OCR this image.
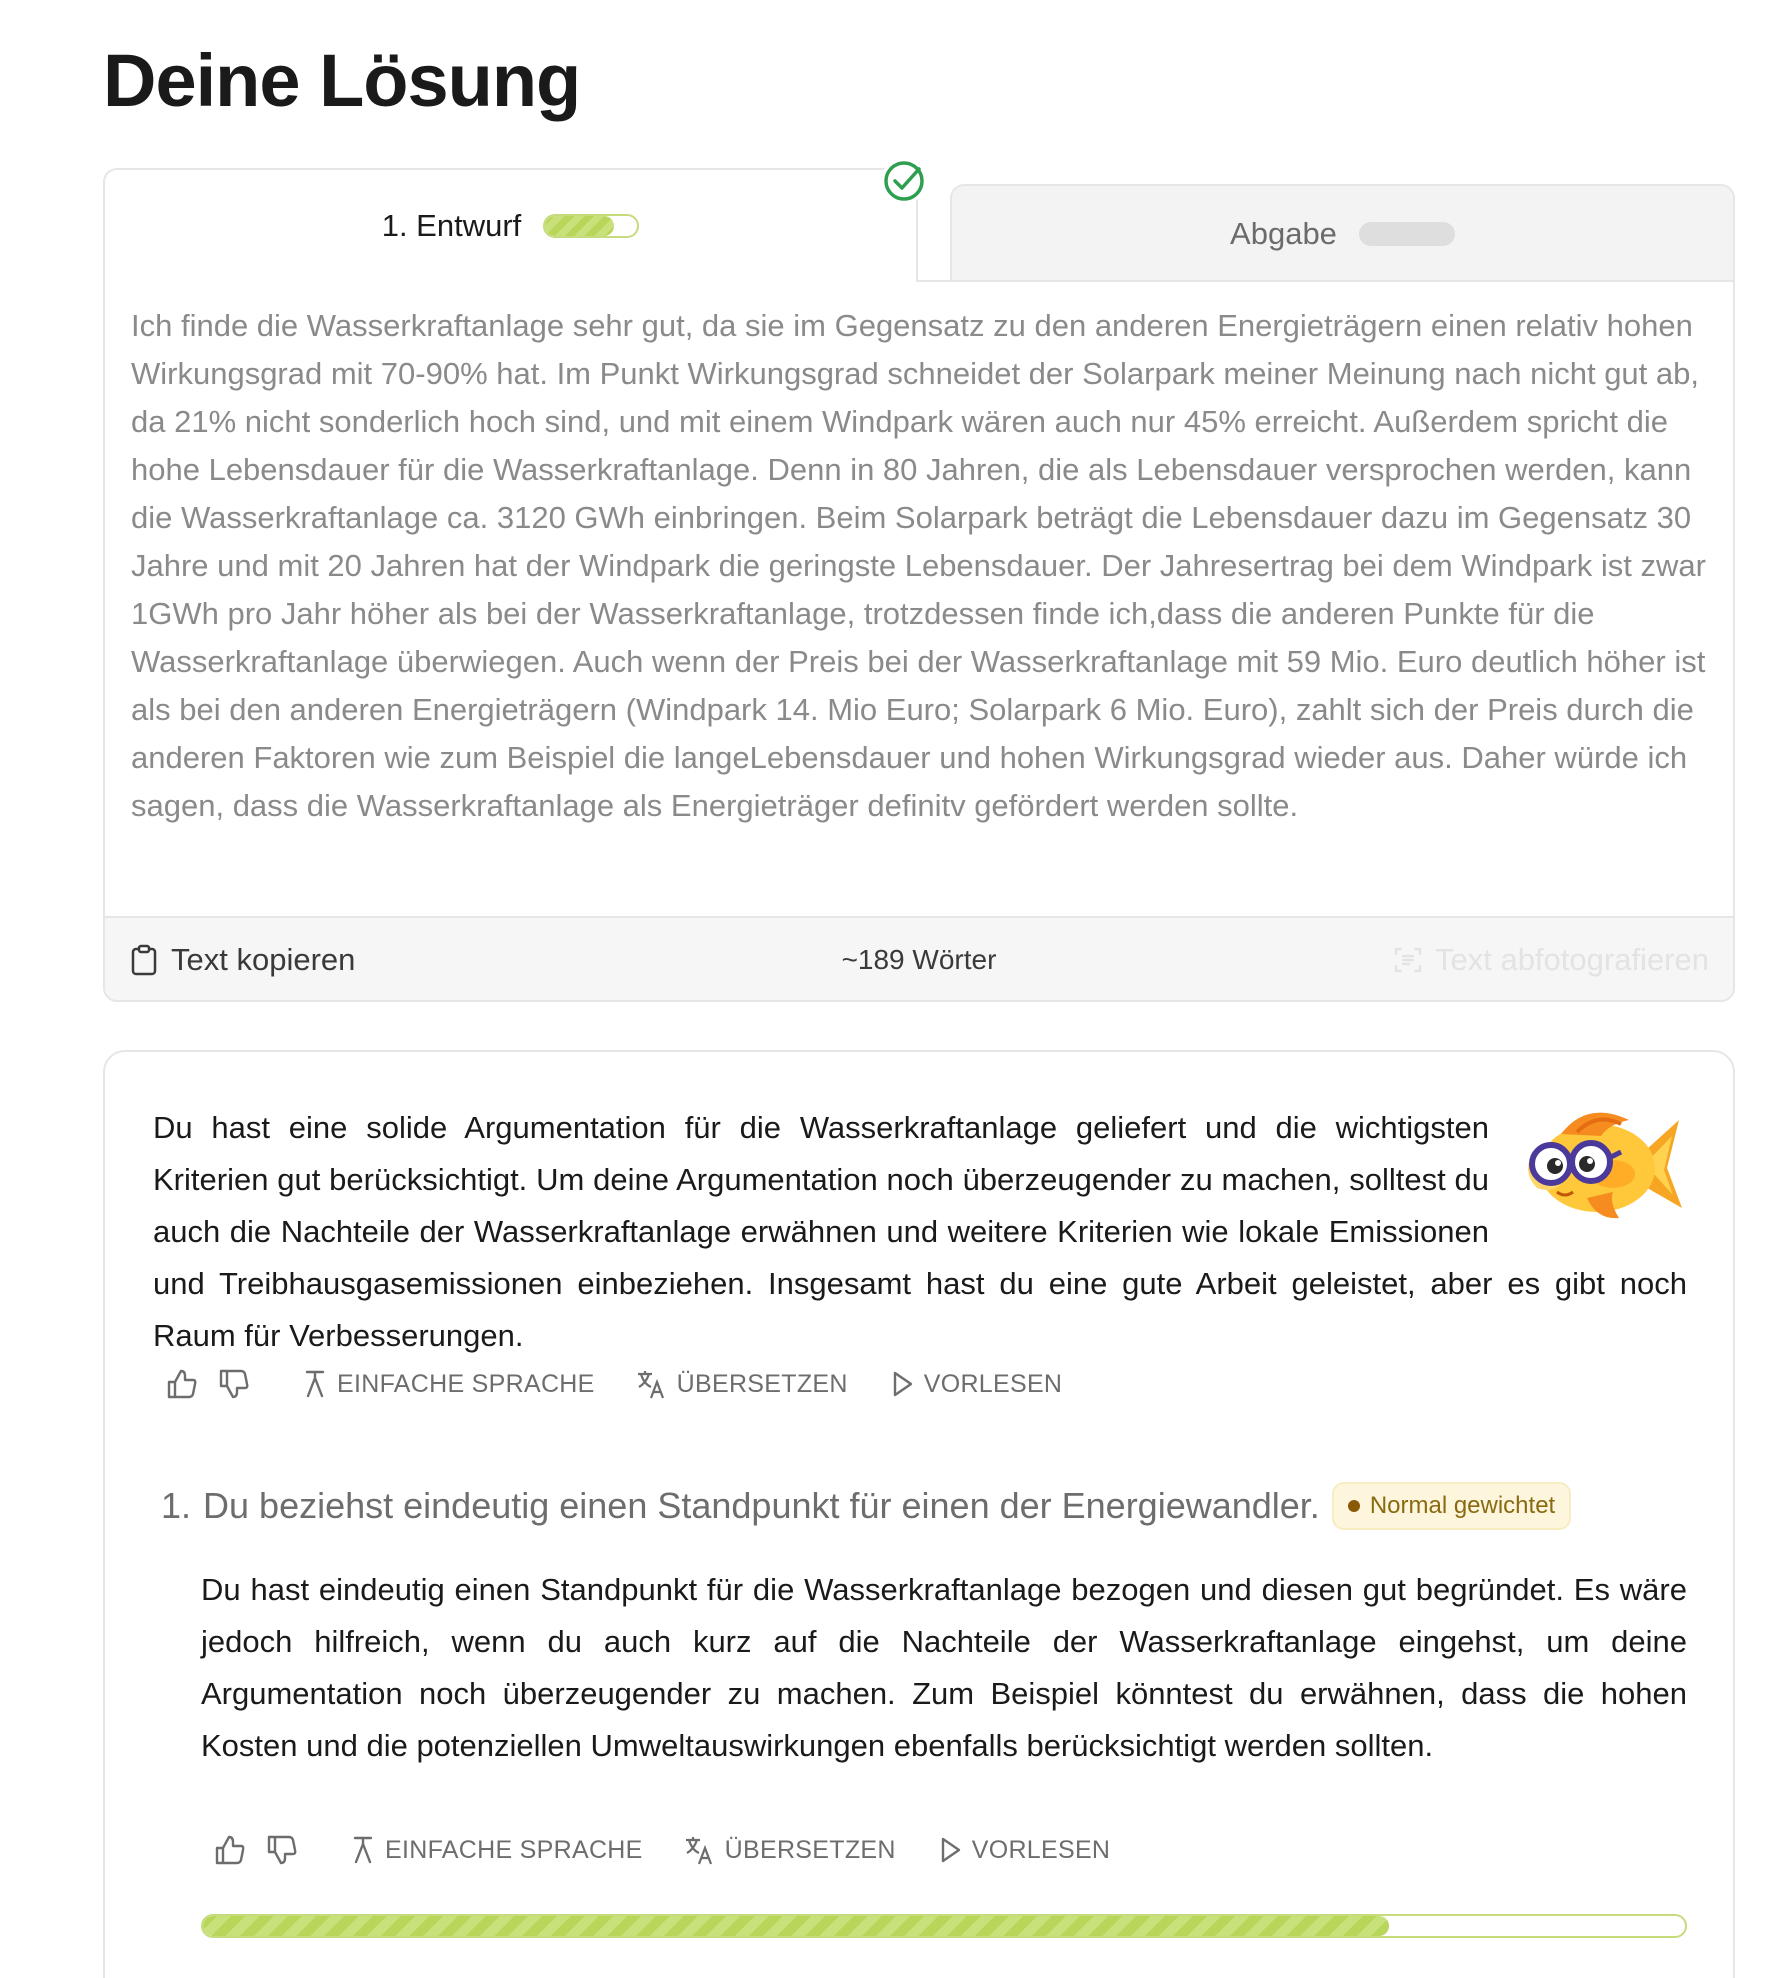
Deine Lösung
1. Entwurf	Abgabe

Ich finde die Wasserkraftanlage sehr gut, da sie im Gegensatz zu den anderen Energieträgern einen relativ hohen Wirkungsgrad mit 70-90% hat. Im Punkt Wirkungsgrad schneidet der Solarpark meiner Meinung nach nicht gut ab, da 21% nicht sonderlich hoch sind, und mit einem Windpark wären auch nur 45% erreicht. Außerdem spricht die hohe Lebensdauer für die Wasserkraftanlage. Denn in 80 Jahren, die als Lebensdauer versprochen werden, kann die Wasserkraftanlage ca. 3120 GWh einbringen. Beim Solarpark beträgt die Lebensdauer dazu im Gegensatz 30 Jahre und mit 20 Jahren hat der Windpark die geringste Lebensdauer. Der Jahresertrag bei dem Windpark ist zwar 1GWh pro Jahr höher als bei der Wasserkraftanlage, trotzdessen finde ich,dass die anderen Punkte für die Wasserkraftanlage überwiegen. Auch wenn der Preis bei der Wasserkraftanlage mit 59 Mio. Euro deutlich höher ist als bei den anderen Energieträgern (Windpark 14. Mio Euro; Solarpark 6 Mio. Euro), zahlt sich der Preis durch die anderen Faktoren wie zum Beispiel die langeLebensdauer und hohen Wirkungsgrad wieder aus. Daher würde ich sagen, dass die Wasserkraftanlage als Energieträger definitv gefördert werden sollte.

Text kopieren	~189 Wörter	Text abfotografieren
Du hast eine solide Argumentation für die Wasserkraftanlage geliefert und die wichtigsten Kriterien gut berücksichtigt. Um deine Argumentation noch überzeugender zu machen, solltest du auch die Nachteile der Wasserkraftanlage erwähnen und weitere Kriterien wie lokale Emissionen und Treibhausgasemissionen einbeziehen. Insgesamt hast du eine gute Arbeit geleistet, aber es gibt noch Raum für Verbesserungen.
EINFACHE SPRACHE	ÜBERSETZEN	VORLESEN
1. Du beziehst eindeutig einen Standpunkt für einen der Energiewandler. Normal gewichtet

Du hast eindeutig einen Standpunkt für die Wasserkraftanlage bezogen und diesen gut begründet. Es wäre jedoch hilfreich, wenn du auch kurz auf die Nachteile der Wasserkraftanlage eingehst, um deine Argumentation noch überzeugender zu machen. Zum Beispiel könntest du erwähnen, dass die hohen Kosten und die potenziellen Umweltauswirkungen ebenfalls berücksichtigt werden sollten.

EINFACHE SPRACHE	ÜBERSETZEN	VORLESEN
